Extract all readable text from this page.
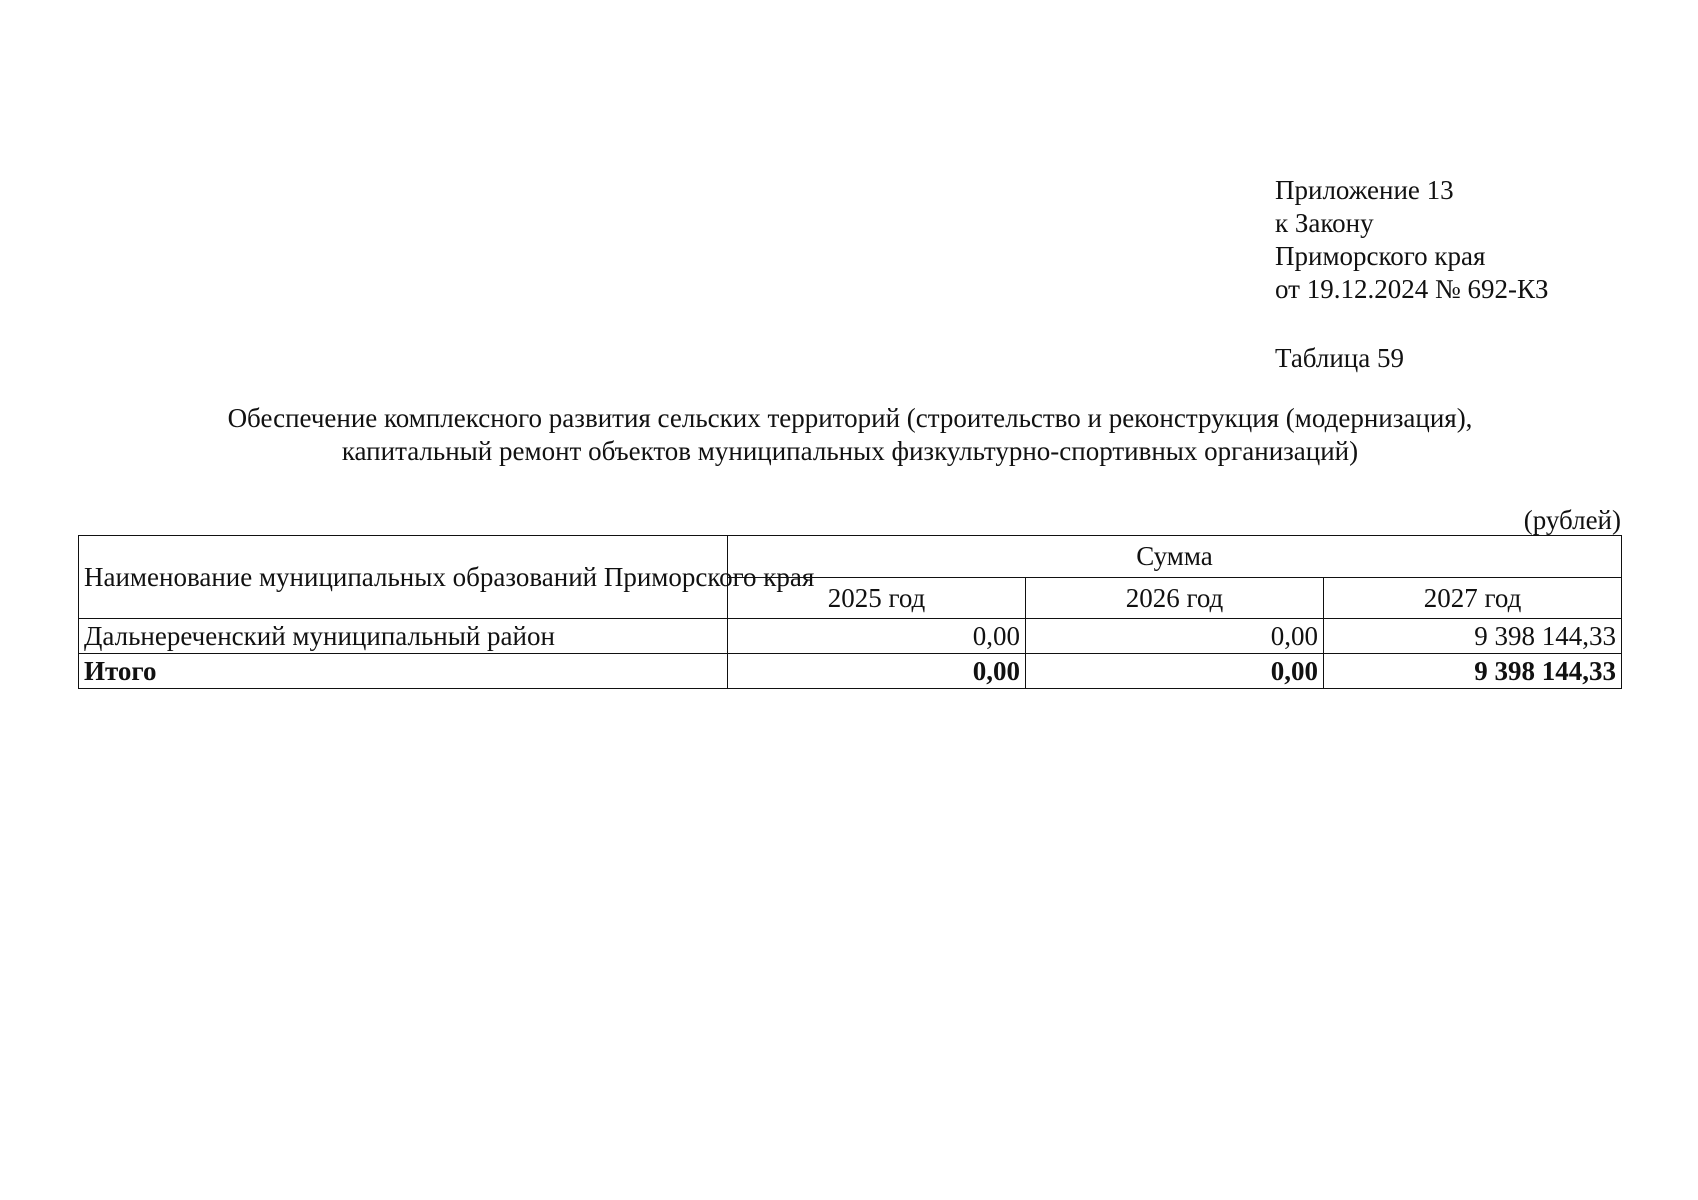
Приложение 13
к Закону
Приморского края
от 19.12.2024 № 692-КЗ
Таблица 59
Обеспечение комплексного развития сельских территорий (строительство и реконструкция (модернизация),
капитальный ремонт объектов муниципальных физкультурно-спортивных организаций)
(рублей)
Наименование муниципальных образований Приморского края	Сумма		
	2025 год	2026 год	2027 год
Дальнереченский муниципальный район	0,00	0,00	9 398 144,33
Итого	0,00	0,00	9 398 144,33
